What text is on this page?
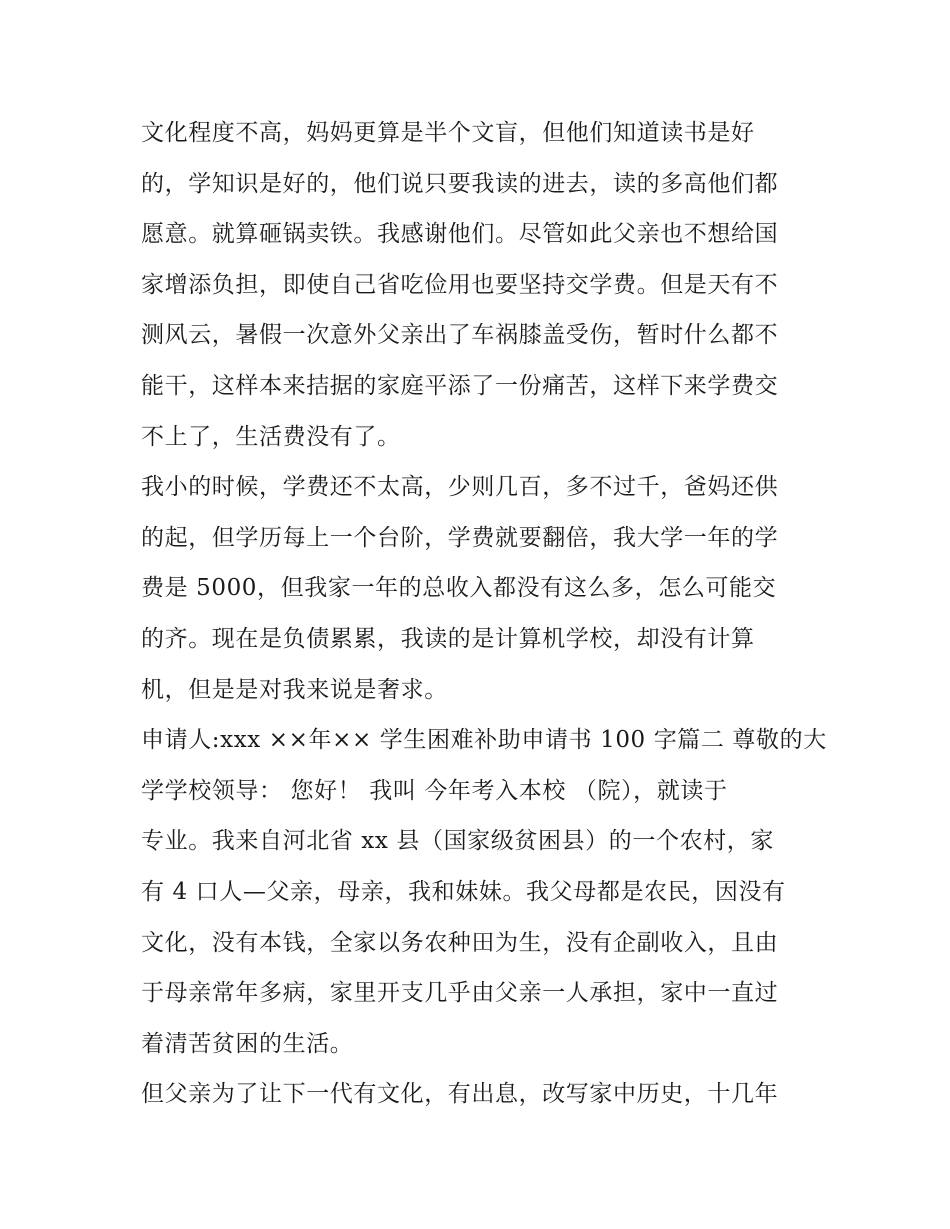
文化程度不高，妈妈更算是半个文盲，但他们知道读书是好
的，学知识是好的，他们说只要我读的进去，读的多高他们都
愿意。就算砸锅卖铁。我感谢他们。尽管如此父亲也不想给国
家增添负担，即使自己省吃俭用也要坚持交学费。但是天有不
测风云，暑假一次意外父亲出了车祸膝盖受伤，暂时什么都不
能干，这样本来拮据的家庭平添了一份痛苦，这样下来学费交
不上了，生活费没有了。
我小的时候，学费还不太高，少则几百，多不过千，爸妈还供
的起，但学历每上一个台阶，学费就要翻倍，我大学一年的学
费是 5000，但我家一年的总收入都没有这么多，怎么可能交
的齐。现在是负债累累，我读的是计算机学校，却没有计算
机，但是是对我来说是奢求。
申请人:xxx ××年×× 学生困难补助申请书 100 字篇二 尊敬的大
学学校领导： 您好！ 我叫 今年考入本校 （院），就读于
专业。我来自河北省 xx 县（国家级贫困县）的一个农村，家
有 4 口人—父亲，母亲，我和妹妹。我父母都是农民，因没有
文化，没有本钱，全家以务农种田为生，没有企副收入，且由
于母亲常年多病，家里开支几乎由父亲一人承担，家中一直过
着清苦贫困的生活。
但父亲为了让下一代有文化，有出息，改写家中历史，十几年
